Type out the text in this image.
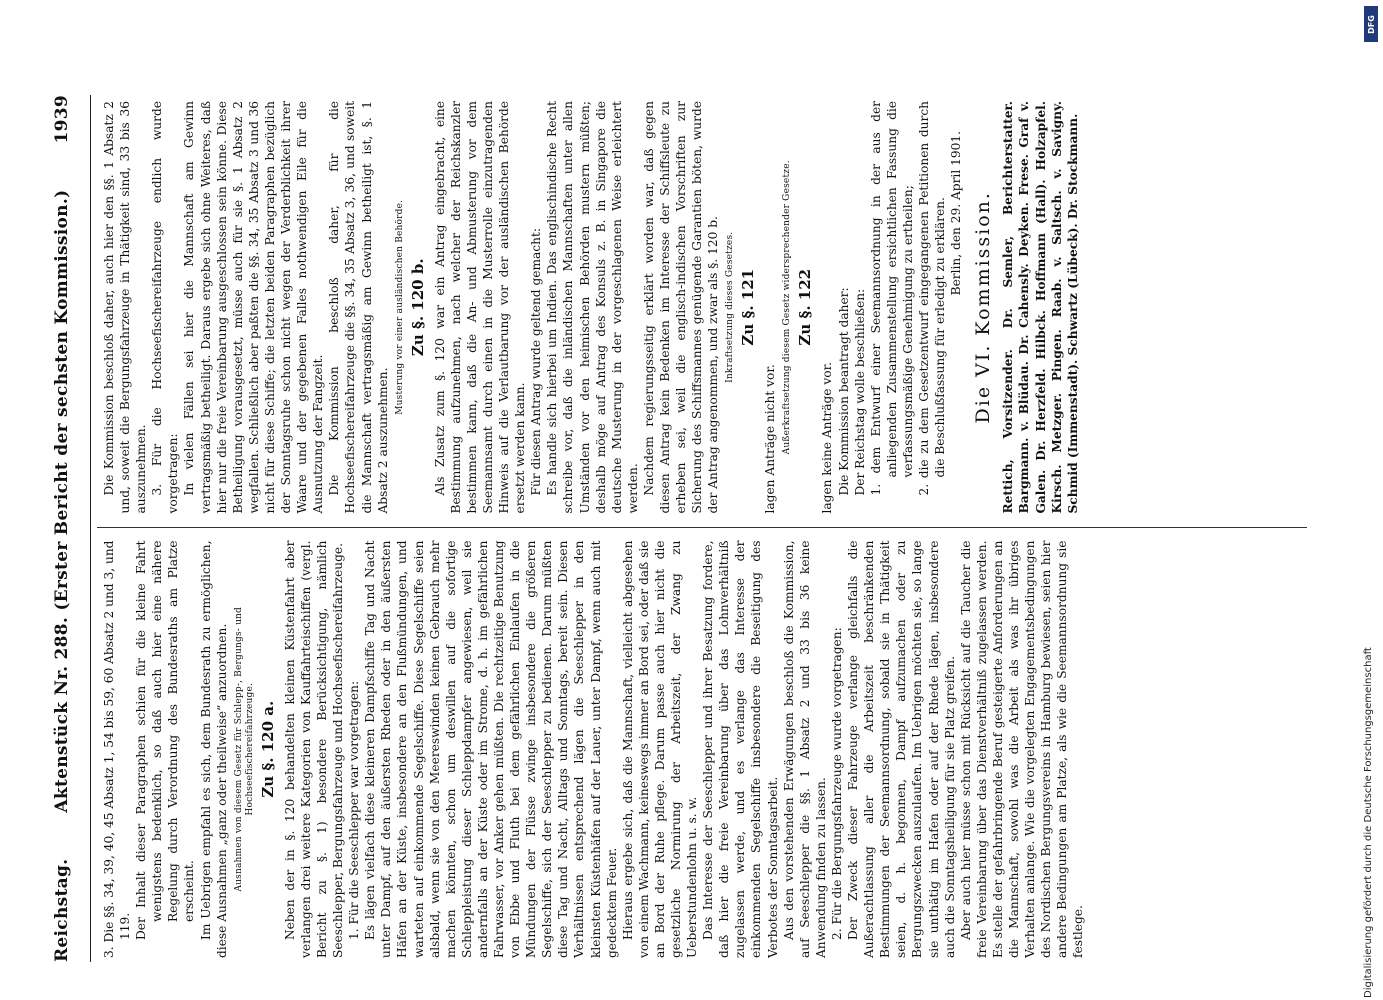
Reichstag.
Aktenstück Nr. 288. (Erster Bericht der sechsten Kommission.)
1939

3. Die §§. 34, 39, 40, 45 Absatz 1, 54 bis 59, 60 Absatz 2 und 3, und 119. Der Inhalt dieser Paragraphen schien für die kleine Fahrt wenigstens bedenklich, so daß auch hier eine nähere Regelung durch Verordnung des Bundesraths am Platze erscheint. Im Uebrigen empfahl es sich, dem Bundesrath zu ermöglichen, diese Ausnahmen „ganz oder theilweise“ anzuordnen. Ausnahmen von diesem Gesetz für Schlepp-, Bergungs- und Hochseefischereifahrzeuge. Zu §. 120 a. Neben der in §. 120 behandelten kleinen Küstenfahrt aber verlangen drei weitere Kategorien von Kauffahrteischiffen (vergl. Bericht zu §. 1) besondere Berücksichtigung, nämlich Seeschlepper, Bergungsfahrzeuge und Hochseefischereifahrzeuge. 1. Für die Seeschlepper war vorgetragen: Es lägen vielfach diese kleineren Dampfschiffe Tag und Nacht unter Dampf, auf den äußersten Rheden oder in den äußersten Häfen an der Küste, insbesondere an den Flußmündungen, und warteten auf einkommende Segelschiffe. Diese Segelschiffe seien alsbald, wenn sie von den Meereswinden keinen Gebrauch mehr machen könnten, schon um deswillen auf die sofortige Schleppleistung dieser Schleppdampfer angewiesen, weil sie andernfalls an der Küste oder im Strome, d. h. im gefährlichen Fahrwasser, vor Anker gehen müßten. Die rechtzeitige Benutzung von Ebbe und Fluth bei dem gefährlichen Einlaufen in die Mündungen der Flüsse zwinge insbesondere die größeren Segelschiffe, sich der Seeschlepper zu bedienen. Darum müßten diese Tag und Nacht, Alltags und Sonntags, bereit sein. Diesen Verhältnissen entsprechend lägen die Seeschlepper in den kleinsten Küstenhäfen auf der Lauer, unter Dampf, wenn auch mit gedecktem Feuer. Hieraus ergebe sich, daß die Mannschaft, vielleicht abgesehen von einem Wachmann, keineswegs immer an Bord sei, oder daß sie an Bord der Ruhe pflege. Darum passe auch hier nicht die gesetzliche Normirung der Arbeitszeit, der Zwang zu Ueberstundenlohn u. s. w. Das Interesse der Seeschlepper und ihrer Besatzung fordere, daß hier die freie Vereinbarung über das Lohnverhältniß zugelassen werde, und es verlange das Interesse der einkommenden Segelschiffe insbesondere die Beseitigung des Verbotes der Sonntagsarbeit. Aus den vorstehenden Erwägungen beschloß die Kommission, auf Seeschlepper die §§. 1 Absatz 2 und 33 bis 36 keine Anwendung finden zu lassen. 2. Für die Bergungsfahrzeuge wurde vorgetragen: Der Zweck dieser Fahrzeuge verlange gleichfalls die Außerachtlassung aller die Arbeitszeit beschränkenden Bestimmungen der Seemannsordnung, sobald sie in Thätigkeit seien, d. h. begonnen, Dampf aufzumachen oder zu Bergungszwecken auszulaufen. Im Uebrigen möchten sie, so lange sie unthätig im Hafen oder auf der Rhede lägen, insbesondere auch die Sonntagsheiligung für sie Platz greifen. Aber auch hier müsse schon mit Rücksicht auf die Taucher die freie Vereinbarung über das Dienstverhältniß zugelassen werden. Es stelle der gefahrbringende Beruf gesteigerte Anforderungen an die Mannschaft, sowohl was die Arbeit als was ihr übriges Verhalten anlange. Wie die vorgelegten Engagementsbedingungen des Nordischen Bergungsvereins in Hamburg bewiesen, seien hier andere Bedingungen am Platze, als wie die Seemannsordnung sie festlege.

Die Kommission beschloß daher, auch hier den §§. 1 Absatz 2 und, soweit die Bergungsfahrzeuge in Thätigkeit sind, 33 bis 36 auszunehmen. 3. Für die Hochseefischereifahrzeuge endlich wurde vorgetragen: In vielen Fällen sei hier die Mannschaft am Gewinn vertragsmäßig betheiligt. Daraus ergebe sich ohne Weiteres, daß hier nur die freie Vereinbarung ausgeschlossen sein könne. Diese Betheiligung vorausgesetzt, müsse auch für sie §. 1 Absatz 2 wegfallen. Schließlich aber paßten die §§. 34, 35 Absatz 3 und 36 nicht für diese Schiffe; die letzten beiden Paragraphen bezüglich der Sonntagsruhe schon nicht wegen der Verderblichkeit ihrer Waare und der gegebenen Falles nothwendigen Eile für die Ausnutzung der Fangzeit. Die Kommission beschloß daher, für die Hochseefischereifahrzeuge die §§. 34, 35 Absatz 3, 36, und soweit die Mannschaft vertragsmäßig am Gewinn betheiligt ist, §. 1 Absatz 2 auszunehmen.

Musterung vor einer ausländischen Behörde. Zu §. 120 b. Als Zusatz zum §. 120 war ein Antrag eingebracht, eine Bestimmung aufzunehmen, nach welcher der Reichskanzler bestimmen kann, daß die An- und Abmusterung vor dem Seemannsamt durch einen in die Musterrolle einzutragenden Hinweis auf die Verlautbarung vor der ausländischen Behörde ersetzt werden kann. Für diesen Antrag wurde geltend gemacht: Es handle sich hierbei um Indien. Das englischindische Recht schreibe vor, daß die inländischen Mannschaften unter allen Umständen vor den heimischen Behörden mustern müßten; deshalb möge auf Antrag des Konsuls z. B. in Singapore die deutsche Musterung in der vorgeschlagenen Weise erleichtert werden. Nachdem regierungsseitig erklärt worden war, daß gegen diesen Antrag kein Bedenken im Interesse der Schiffsleute zu erheben sei, weil die englisch-indischen Vorschriften zur Sicherung des Schiffsmannes genügende Garantien böten, wurde der Antrag angenommen, und zwar als §. 120 b. Inkraftsetzung dieses Gesetzes. Zu §. 121

lagen Anträge nicht vor. Außerkraftsetzung diesem Gesetz widersprechender Gesetze. Zu §. 122

lagen keine Anträge vor. Die Kommission beantragt daher: Der Reichstag wolle beschließen: 1. dem Entwurf einer Seemannsordnung in der aus der anliegenden Zusammenstellung ersichtlichen Fassung die verfassungsmäßige Genehmigung zu ertheilen; 2. die zu dem Gesetzentwurf eingegangenen Petitionen durch die Beschlußfassung für erledigt zu erklären. Berlin, den 29. April 1901. Die VI. Kommission. Rettich, Vorsitzender. Dr. Semler, Berichterstatter. Bargmann. v. Blüdau. Dr. Cahensly. Deyken. Frese. Graf v. Galen. Dr. Herzfeld. Hilbck. Hoffmann (Hall). Holzapfel. Kirsch. Metzger. Pingen. Raab. v. Saltsch. v. Savigny. Schmid (Immenstadt). Schwartz (Lübeck). Dr. Stockmann.

Digitalisierung gefördert durch die Deutsche Forschungsgemeinschaft
DFG
